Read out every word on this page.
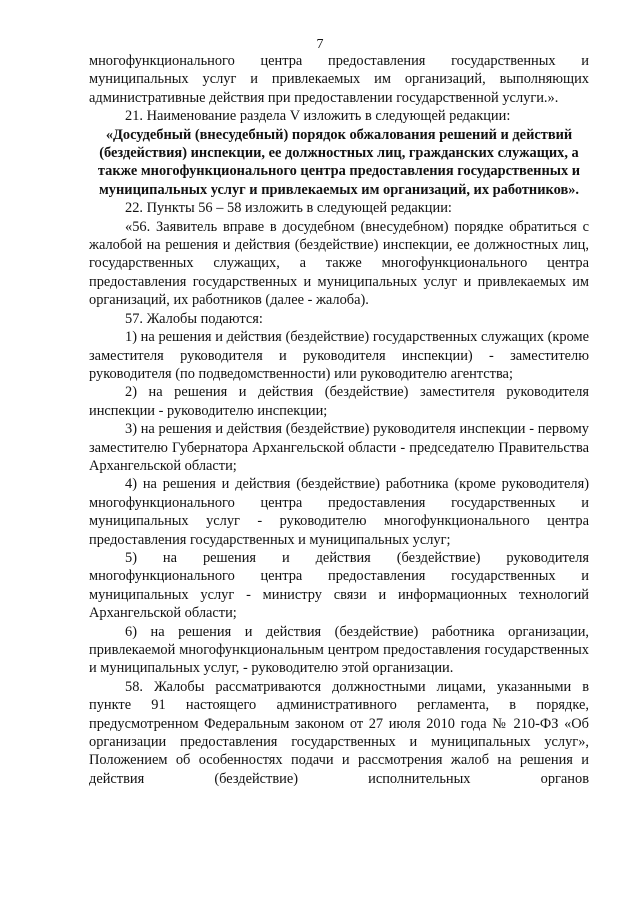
7

многофункционального центра предоставления государственных и муниципальных услуг и привлекаемых им организаций, выполняющих административные действия при предоставлении государственной услуги.».

21. Наименование раздела V изложить в следующей редакции:

«Досудебный (внесудебный) порядок обжалования решений и действий (бездействия) инспекции, ее должностных лиц, гражданских служащих, а также многофункционального центра предоставления государственных и муниципальных услуг и привлекаемых им организаций, их работников».

22. Пункты 56 – 58 изложить в следующей редакции:

«56. Заявитель вправе в досудебном (внесудебном) порядке обратиться с жалобой на решения и действия (бездействие) инспекции, ее должностных лиц, государственных служащих, а также многофункционального центра предоставления государственных и муниципальных услуг и привлекаемых им организаций, их работников (далее - жалоба).

57. Жалобы подаются:

1) на решения и действия (бездействие) государственных служащих (кроме заместителя руководителя и руководителя инспекции) - заместителю руководителя (по подведомственности) или руководителю агентства;

2) на решения и действия (бездействие) заместителя руководителя инспекции - руководителю инспекции;

3) на решения и действия (бездействие) руководителя инспекции - первому заместителю Губернатора Архангельской области - председателю Правительства Архангельской области;

4) на решения и действия (бездействие) работника (кроме руководителя) многофункционального центра предоставления государственных и муниципальных услуг - руководителю многофункционального центра предоставления государственных и муниципальных услуг;

5) на решения и действия (бездействие) руководителя многофункционального центра предоставления государственных и муниципальных услуг - министру связи и информационных технологий Архангельской области;

6) на решения и действия (бездействие) работника организации, привлекаемой многофункциональным центром предоставления государственных и муниципальных услуг, - руководителю этой организации.

58. Жалобы рассматриваются должностными лицами, указанными в пункте 91 настоящего административного регламента, в порядке, предусмотренном Федеральным законом от 27 июля 2010 года № 210-ФЗ «Об организации предоставления государственных и муниципальных услуг», Положением об особенностях подачи и рассмотрения жалоб на решения и действия (бездействие) исполнительных органов
